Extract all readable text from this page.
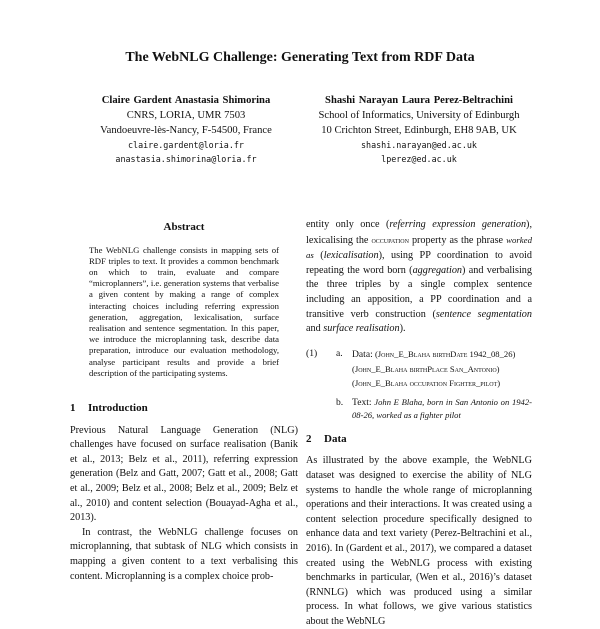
The WebNLG Challenge: Generating Text from RDF Data
Claire Gardent Anastasia Shimorina
CNRS, LORIA, UMR 7503
Vandoeuvre-lès-Nancy, F-54500, France
claire.gardent@loria.fr
anastasia.shimorina@loria.fr
Shashi Narayan Laura Perez-Beltrachini
School of Informatics, University of Edinburgh
10 Crichton Street, Edinburgh, EH8 9AB, UK
shashi.narayan@ed.ac.uk
lperez@ed.ac.uk
Abstract
The WebNLG challenge consists in mapping sets of RDF triples to text. It provides a common benchmark on which to train, evaluate and compare “microplanners”, i.e. generation systems that verbalise a given content by making a range of complex interacting choices including referring expression generation, aggregation, lexicalisation, surface realisation and sentence segmentation. In this paper, we introduce the microplanning task, describe data preparation, introduce our evaluation methodology, analyse participant results and provide a brief description of the participating systems.
1 Introduction
Previous Natural Language Generation (NLG) challenges have focused on surface realisation (Banik et al., 2013; Belz et al., 2011), referring expression generation (Belz and Gatt, 2007; Gatt et al., 2008; Gatt et al., 2009; Belz et al., 2008; Belz et al., 2009; Belz et al., 2010) and content selection (Bouayad-Agha et al., 2013).
In contrast, the WebNLG challenge focuses on microplanning, that subtask of NLG which consists in mapping a given content to a text verbalising this content. Microplanning is a complex choice prob-
entity only once (referring expression generation), lexicalising the occupation property as the phrase worked as (lexicalisation), using PP coordination to avoid repeating the word born (aggregation) and verbalising the three triples by a single complex sentence including an apposition, a PP coordination and a transitive verb construction (sentence segmentation and surface realisation).
(1)	a. Data: (John_E_Blaha birthDate 1942_08_26)
(John_E_Blaha birthPlace San_Antonio)
(John_E_Blaha occupation Fighter_pilot)
b. Text: John E Blaha, born in San Antonio on 1942-08-26, worked as a fighter pilot
2 Data
As illustrated by the above example, the WebNLG dataset was designed to exercise the ability of NLG systems to handle the whole range of microplanning operations and their interactions. It was created using a content selection procedure specifically designed to enhance data and text variety (Perez-Beltrachini et al., 2016). In (Gardent et al., 2017), we compared a dataset created using the WebNLG process with existing benchmarks in particular, (Wen et al., 2016)’s dataset (RNNLG) which was produced using a similar process. In what follows, we give various statistics about the WebNLG
